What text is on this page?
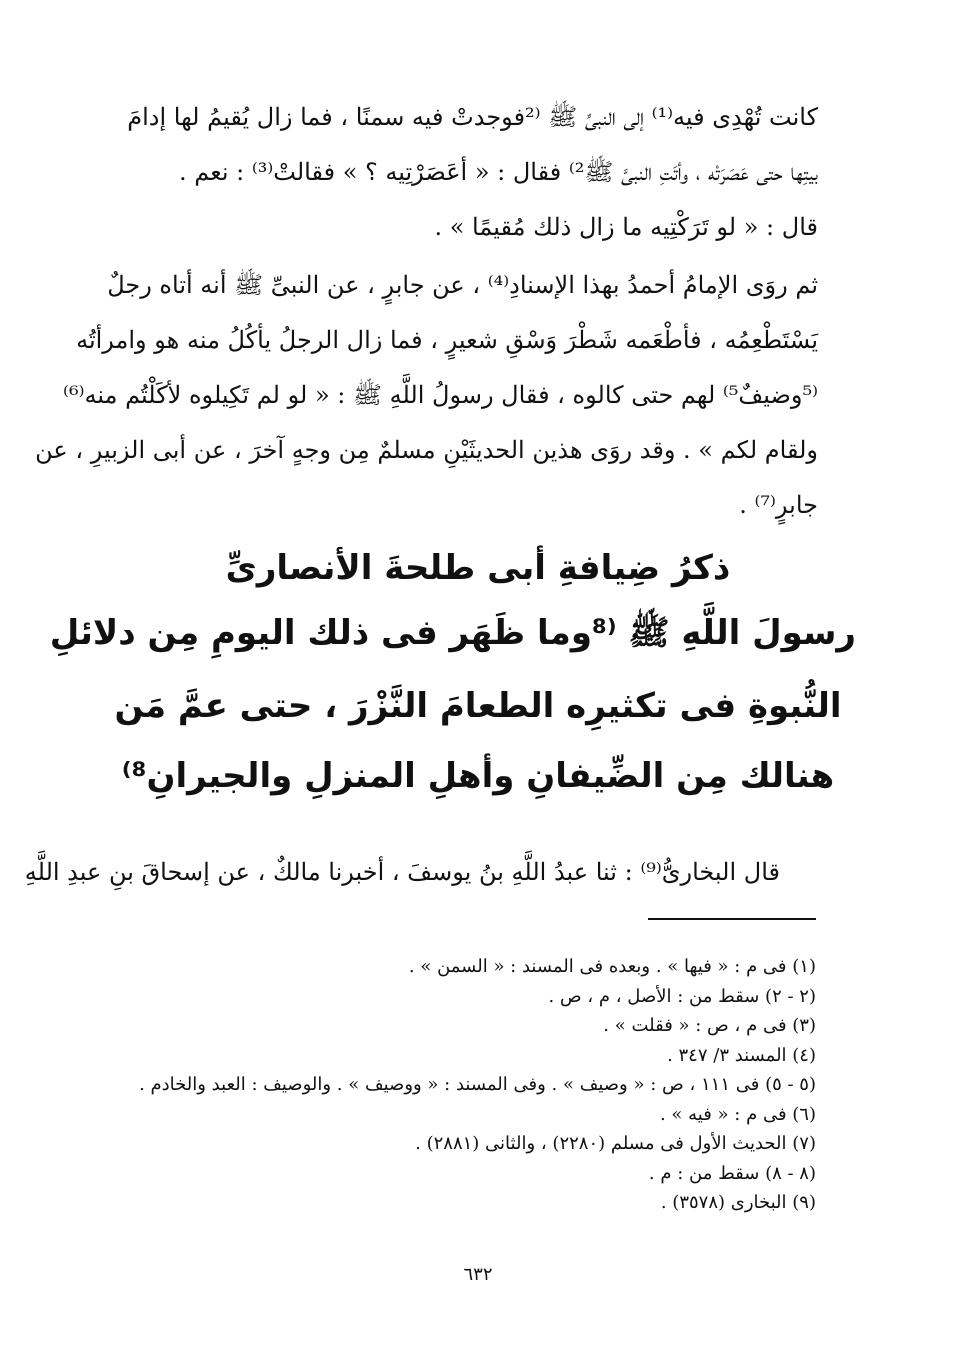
كانت تُهْدِى فيه⁽¹⁾ إلى النبىِّ ﷺ ⁽²فوجدتْ فيه سمنًا ، فما زال يُقيمُ لها إدامَ
بيتِها حتى عَصَرَتْه ، وأتَتِ النبىَّ ﷺ²⁾ فقال : « أعَصَرْتِيه ؟ » فقالتْ⁽³⁾ : نعم .
قال : « لو تَرَكْتِيه ما زال ذلك مُقيمًا » .
ثم روَى الإمامُ أحمدُ بهذا الإسنادِ⁽⁴⁾ ، عن جابرٍ ، عن النبىِّ ﷺ أنه أتاه رجلٌ
يَسْتَطْعِمُه ، فأطْعَمه شَطْرَ وَسْقِ شعيرٍ ، فما زال الرجلُ يأكُلُ منه هو وامرأتُه
⁽⁵وضيفٌ⁵⁾ لهم حتى كالوه ، فقال رسولُ اللَّهِ ﷺ : « لو لم تَكِيلوه لأكَلْتُم منه⁽⁶⁾
ولقام لكم » . وقد روَى هذين الحديثَيْنِ مسلمٌ مِن وجهٍ آخرَ ، عن أبى الزبيرِ ، عن
جابرٍ⁽⁷⁾ .
ذكرُ ضِيافةِ أبى طلحةَ الأنصارىِّ
رسولَ اللَّهِ ﷺ ⁽⁸وما ظَهَر فى ذلك اليومِ مِن دلائلِ
النُّبوةِ فى تكثيرِه الطعامَ النَّزْرَ ، حتى عمَّ مَن
هنالك مِن الضِّيفانِ وأهلِ المنزلِ والجيرانِ⁸⁾
قال البخارىُّ⁽⁹⁾ : ثنا عبدُ اللَّهِ بنُ يوسفَ ، أخبرنا مالكٌ ، عن إسحاقَ بنِ عبدِ اللَّهِ
(١) فى م : « فيها » . وبعده فى المسند : « السمن » .
(٢ - ٢) سقط من : الأصل ، م ، ص .
(٣) فى م ، ص : « فقلت » .
(٤) المسند ٣/ ٣٤٧ .
(٥ - ٥) فى ١١١ ، ص : « وصيف » . وفى المسند : « ووصيف » . والوصيف : العبد والخادم .
(٦) فى م : « فيه » .
(٧) الحديث الأول فى مسلم (٢٢٨٠) ، والثانى (٢٨٨١) .
(٨ - ٨) سقط من : م .
(٩) البخارى (٣٥٧٨) .
٦٣٢
